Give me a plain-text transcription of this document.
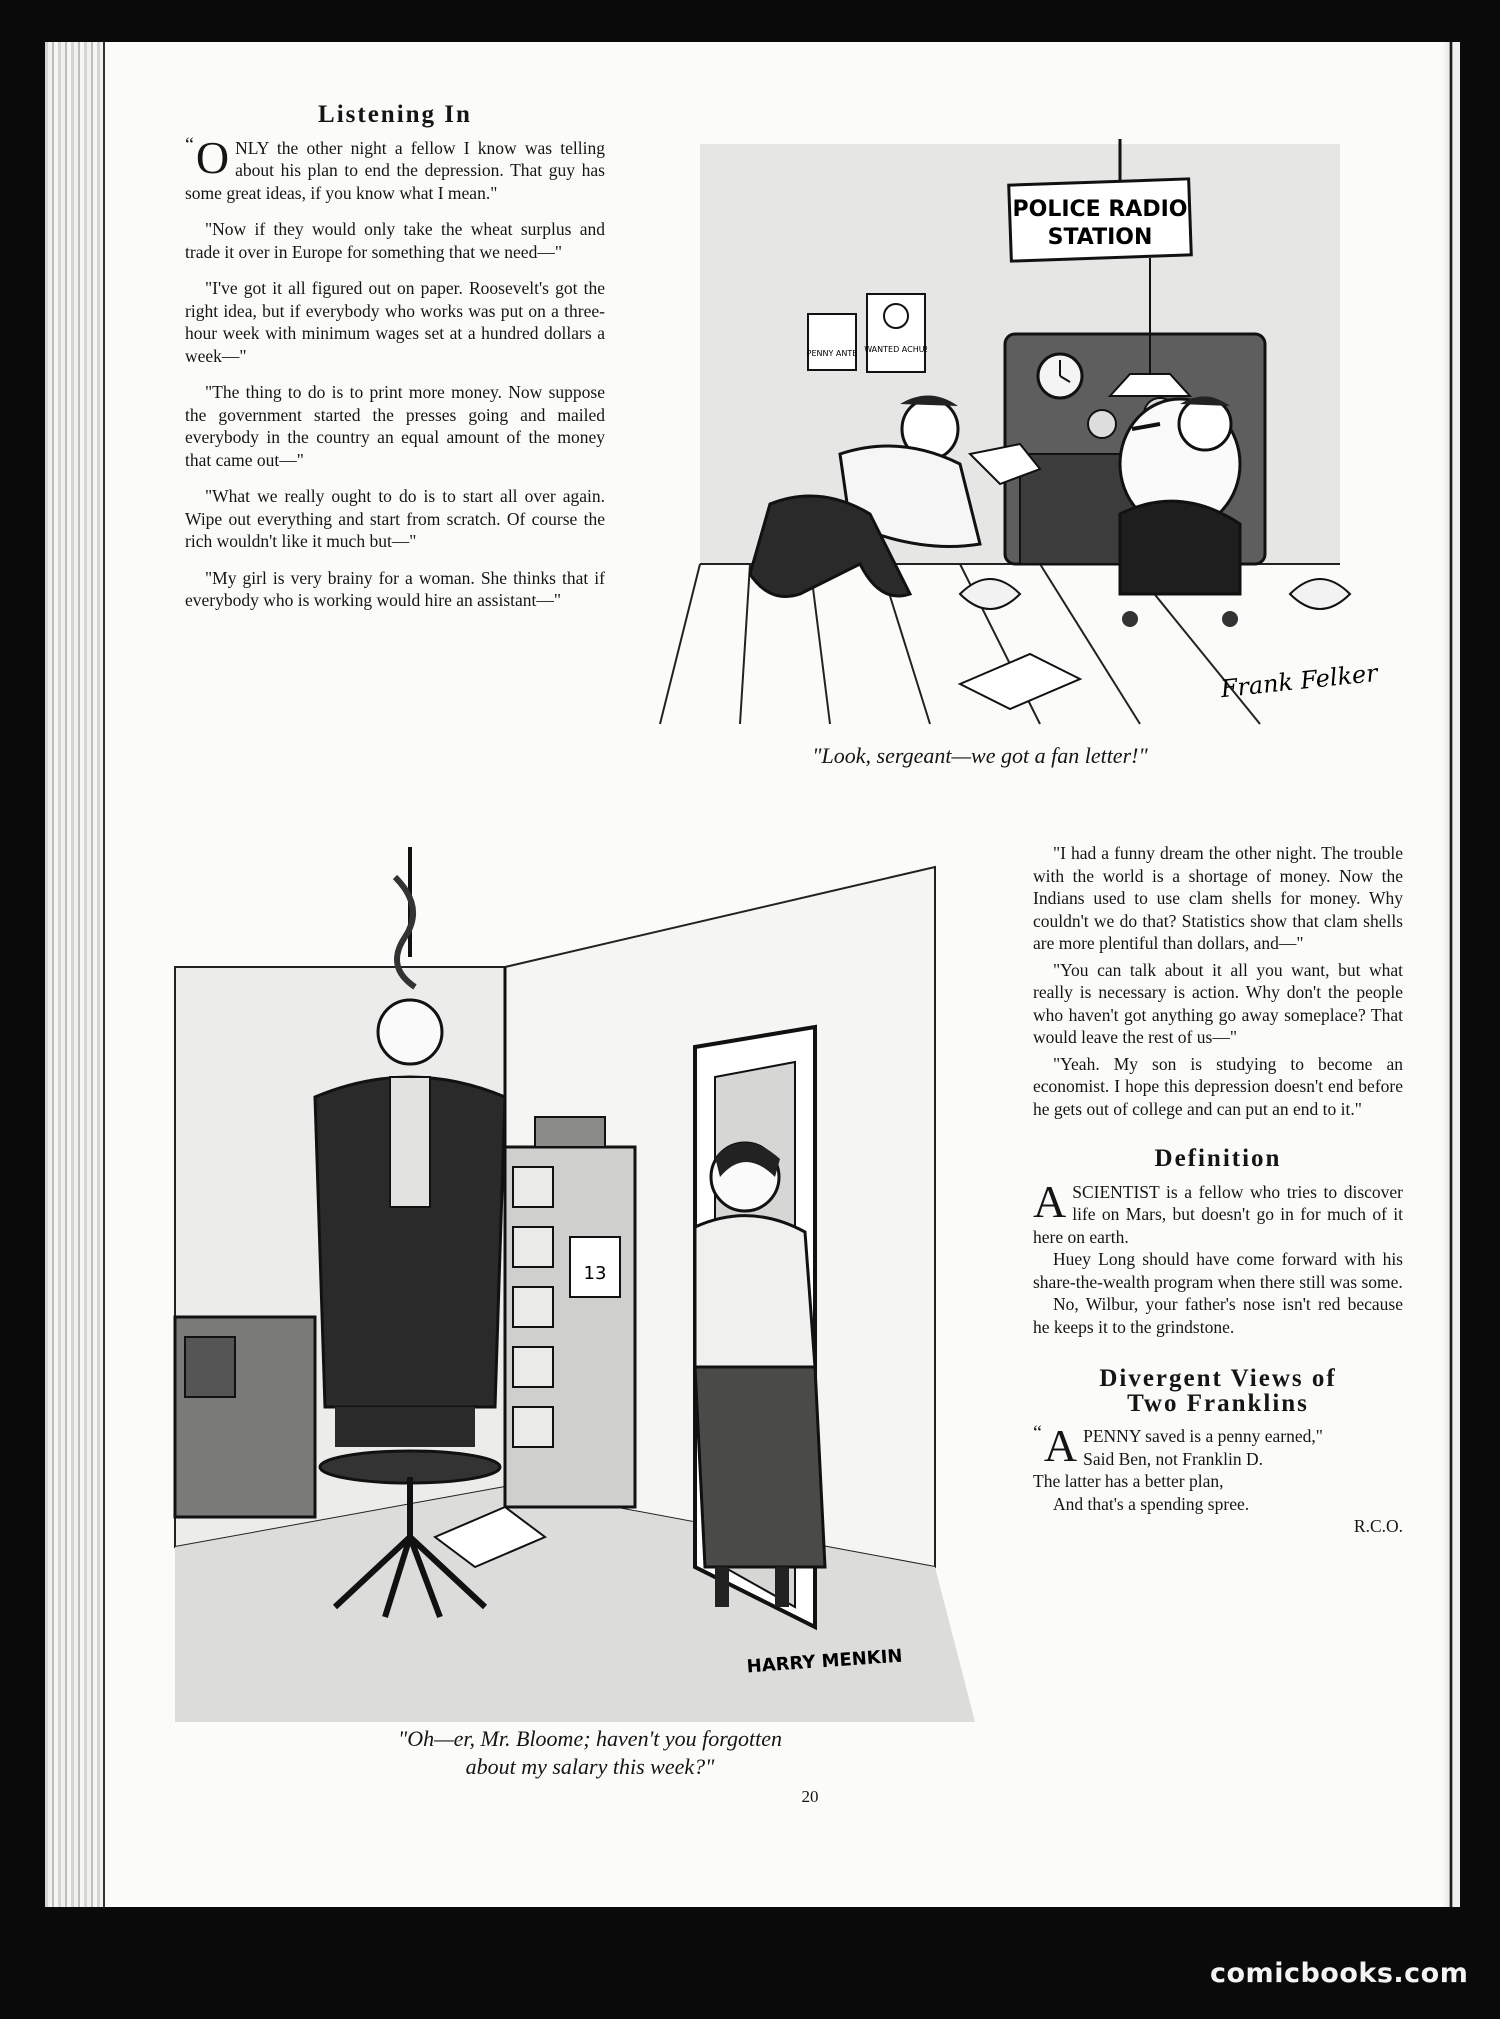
Listening In

“ O NLY the other night a fellow I know was telling about his plan to end the depression. That guy has some great ideas, if you know what I mean."

"Now if they would only take the wheat surplus and trade it over in Europe for something that we need—"

"I've got it all figured out on paper. Roosevelt's got the right idea, but if everybody who works was put on a three-hour week with minimum wages set at a hundred dollars a week—"

"The thing to do is to print more money. Now suppose the government started the presses going and mailed everybody in the country an equal amount of the money that came out—"

"What we really ought to do is to start all over again. Wipe out everything and start from scratch. Of course the rich wouldn't like it much but—"

"My girl is very brainy for a woman. She thinks that if everybody who is working would hire an assistant—"

POLICE RADIO
STATION
PENNY ANTE WANTED ACHU!
Frank Felker
"Look, sergeant—we got a fan letter!"
13
HARRY MENKIN
"Oh—er, Mr. Bloome; haven't you forgotten
about my salary this week?"

"I had a funny dream the other night. The trouble with the world is a shortage of money. Now the Indians used to use clam shells for money. Why couldn't we do that? Statistics show that clam shells are more plentiful than dollars, and—"

"You can talk about it all you want, but what really is necessary is action. Why don't the people who haven't got anything go away someplace? That would leave the rest of us—"

"Yeah. My son is studying to become an economist. I hope this depression doesn't end before he gets out of college and can put an end to it."

Definition

ASCIENTIST is a fellow who tries to discover life on Mars, but doesn't go in for much of it here on earth.

Huey Long should have come forward with his share-the-wealth program when there still was some.

No, Wilbur, your father's nose isn't red because he keeps it to the grindstone.

Divergent Views of
Two Franklins

“ A PENNY saved is a penny earned,"

Said Ben, not Franklin D.

The latter has a better plan,

And that's a spending spree.

R.C.O.

20
comicbooks.com
